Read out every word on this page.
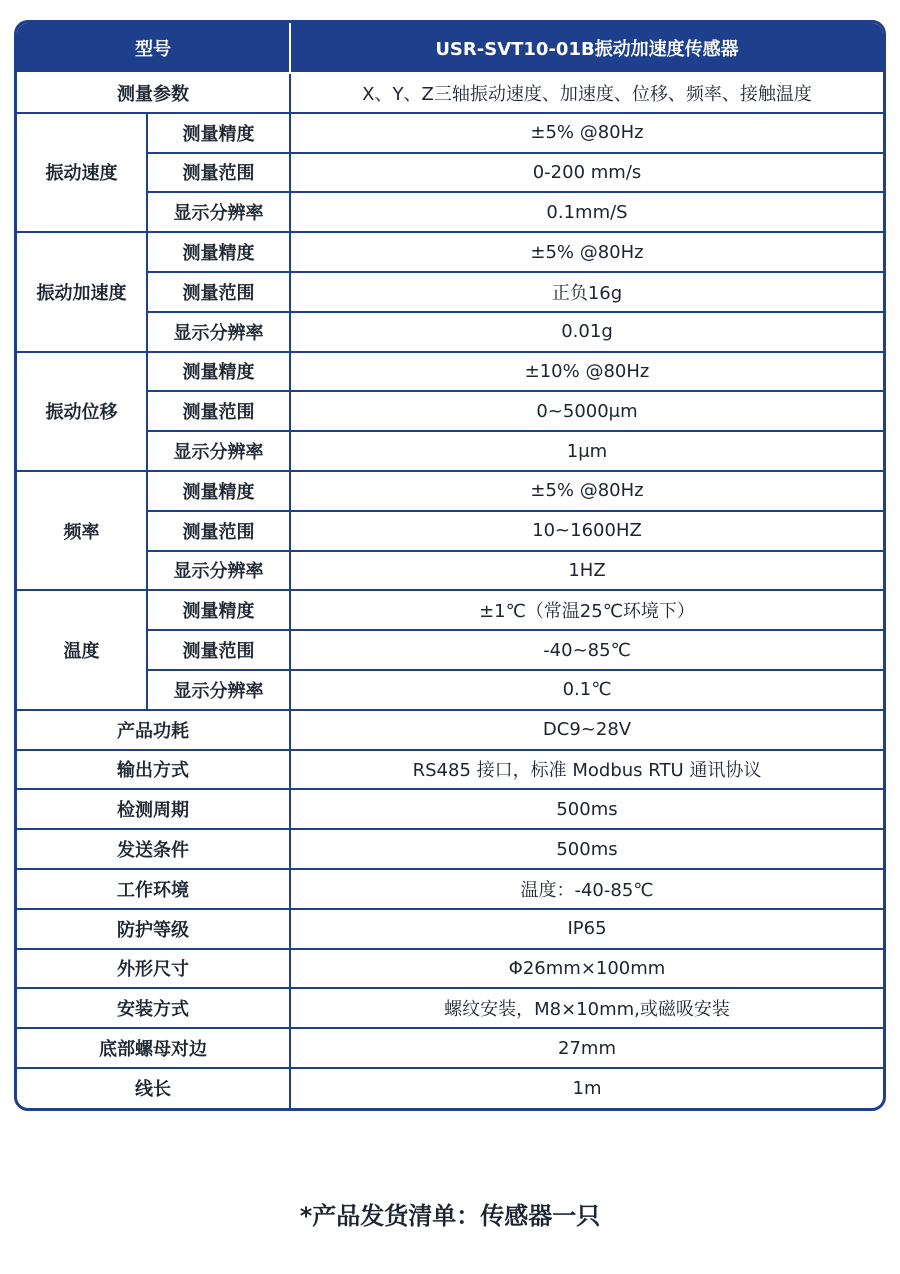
型号		USR-SVT10-01B振动加速度传感器
测量参数		X、Y、Z三轴振动速度、加速度、位移、频率、接触温度
振动速度	测量精度	±5% @80Hz
	测量范围	0-200 mm/s
	显示分辨率	0.1mm/S
振动加速度	测量精度	±5% @80Hz
	测量范围	正负16g
	显示分辨率	0.01g
振动位移	测量精度	±10% @80Hz
	测量范围	0~5000μm
	显示分辨率	1μm
频率	测量精度	±5% @80Hz
	测量范围	10~1600HZ
	显示分辨率	1HZ
温度	测量精度	±1℃（常温25℃环境下）
	测量范围	-40~85℃
	显示分辨率	0.1℃
产品功耗		DC9~28V
输出方式		RS485 接口，标准 Modbus RTU 通讯协议
检测周期		500ms
发送条件		500ms
工作环境		温度：-40-85℃
防护等级		IP65
外形尺寸		Φ26mm×100mm
安装方式		螺纹安装，M8×10mm,或磁吸安装
底部螺母对边		27mm
线长		1m
*产品发货清单：传感器一只
